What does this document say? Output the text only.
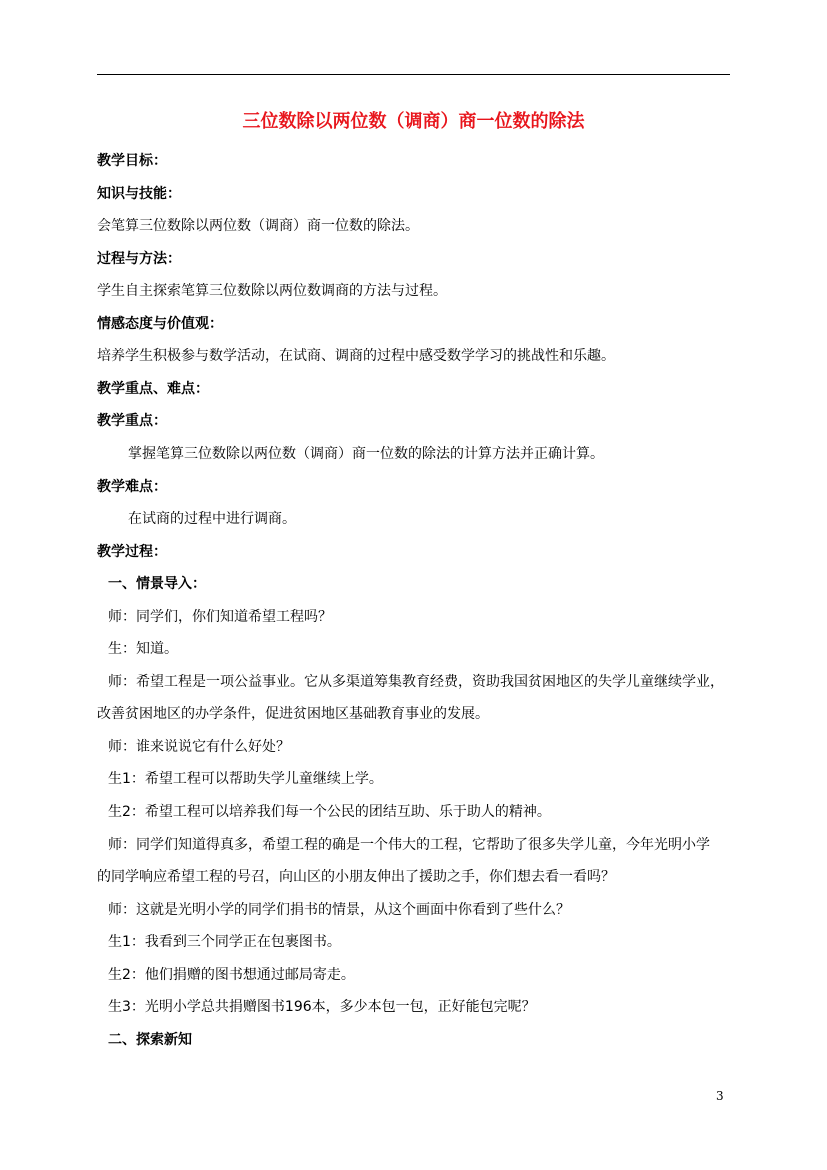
三位数除以两位数（调商）商一位数的除法
教学目标：
知识与技能：
会笔算三位数除以两位数（调商）商一位数的除法。
过程与方法：
学生自主探索笔算三位数除以两位数调商的方法与过程。
情感态度与价值观：
培养学生积极参与数学活动，在试商、调商的过程中感受数学学习的挑战性和乐趣。
教学重点、难点：
教学重点：
掌握笔算三位数除以两位数（调商）商一位数的除法的计算方法并正确计算。
教学难点：
在试商的过程中进行调商。
教学过程：
一、情景导入：
师：同学们，你们知道希望工程吗？
生：知道。
师：希望工程是一项公益事业。它从多渠道筹集教育经费，资助我国贫困地区的失学儿童继续学业，
改善贫困地区的办学条件，促进贫困地区基础教育事业的发展。
师：谁来说说它有什么好处？
生1：希望工程可以帮助失学儿童继续上学。
生2：希望工程可以培养我们每一个公民的团结互助、乐于助人的精神。
师：同学们知道得真多，希望工程的确是一个伟大的工程，它帮助了很多失学儿童，今年光明小学
的同学响应希望工程的号召，向山区的小朋友伸出了援助之手，你们想去看一看吗？
师：这就是光明小学的同学们捐书的情景，从这个画面中你看到了些什么？
生1：我看到三个同学正在包裹图书。
生2：他们捐赠的图书想通过邮局寄走。
生3：光明小学总共捐赠图书196本，多少本包一包，正好能包完呢？
二、探索新知
3
